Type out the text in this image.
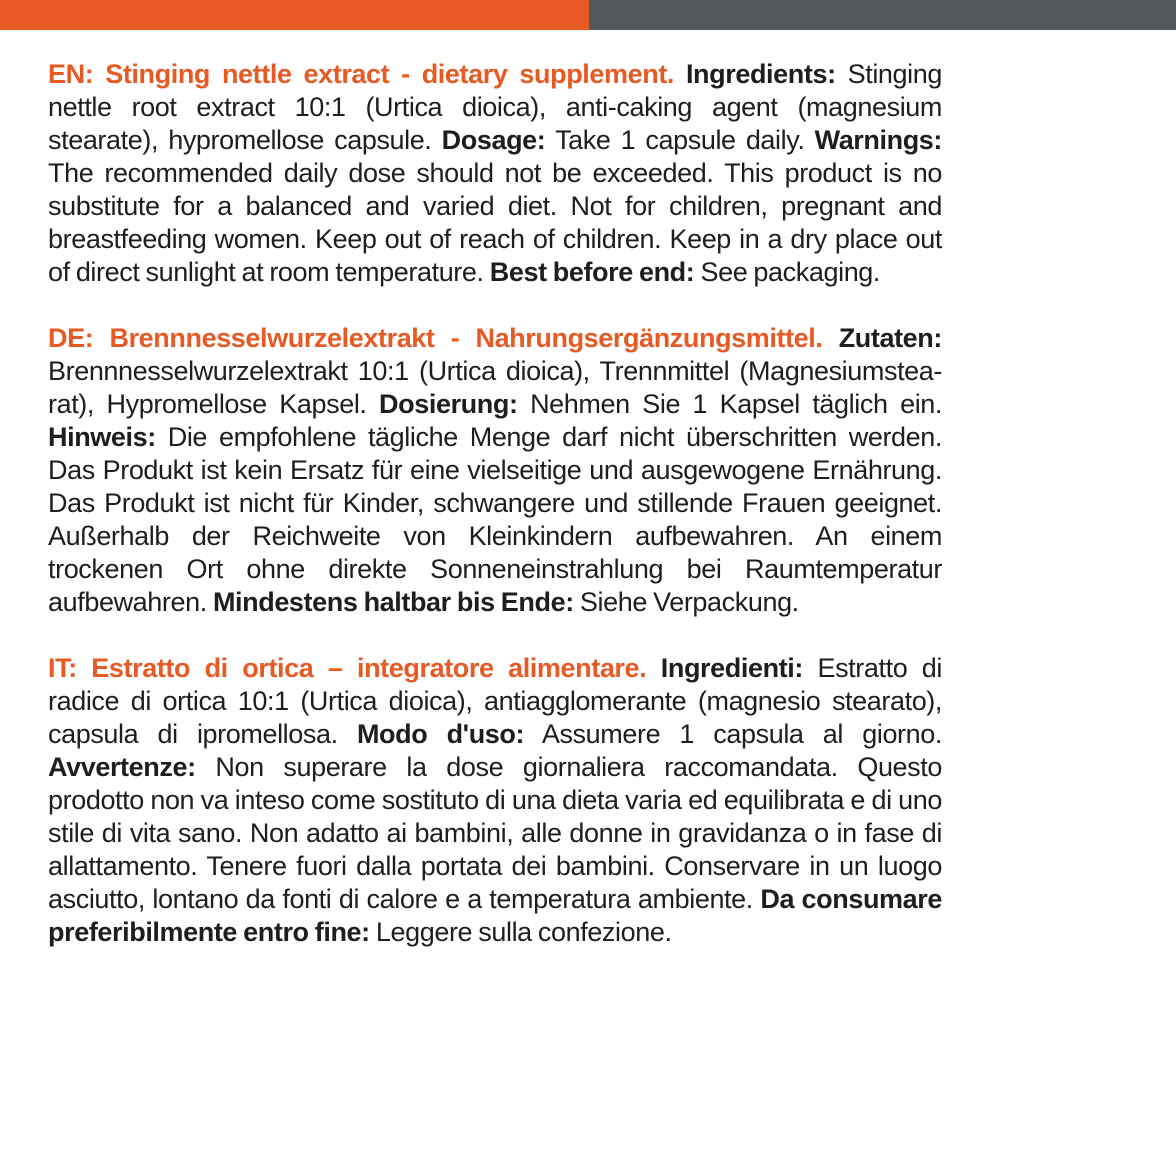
EN: Stinging nettle extract - dietary supplement. Ingredients: Stinging nettle root extract 10:1 (Urtica dioica), anti-caking agent (magnesium stearate), hypromellose capsule. Dosage: Take 1 capsule daily. Warnings: The recommended daily dose should not be exceeded. This product is no substitute for a balanced and varied diet. Not for children, pregnant and breastfeeding women. Keep out of reach of children. Keep in a dry place out of direct sunlight at room temperature. Best before end: See packaging.

DE: Brennnesselwurzelextrakt - Nahrungsergänzungsmittel. Zutaten: Brennnesselwurzelextrakt 10:1 (Urtica dioica), Trennmittel (Magnesiumstea-rat), Hypromellose Kapsel. Dosierung: Nehmen Sie 1 Kapsel täglich ein. Hinweis: Die empfohlene tägliche Menge darf nicht überschritten werden. Das Produkt ist kein Ersatz für eine vielseitige und ausgewogene Ernährung. Das Produkt ist nicht für Kinder, schwangere und stillende Frauen geeignet. Außerhalb der Reichweite von Kleinkindern aufbewahren. An einem trockenen Ort ohne direkte Sonneneinstrahlung bei Raumtemperatur aufbewahren. Mindestens haltbar bis Ende: Siehe Verpackung.

IT: Estratto di ortica – integratore alimentare. Ingredienti: Estratto di radice di ortica 10:1 (Urtica dioica), antiagglomerante (magnesio stearato), capsula di ipromellosa. Modo d'uso: Assumere 1 capsula al giorno. Avvertenze: Non superare la dose giornaliera raccomandata. Questo prodotto non va inteso come sostituto di una dieta varia ed equilibrata e di uno stile di vita sano. Non adatto ai bambini, alle donne in gravidanza o in fase di allattamento. Tenere fuori dalla portata dei bambini. Conservare in un luogo asciutto, lontano da fonti di calore e a temperatura ambiente. Da consumare preferibilmente entro fine: Leggere sulla confezione.
